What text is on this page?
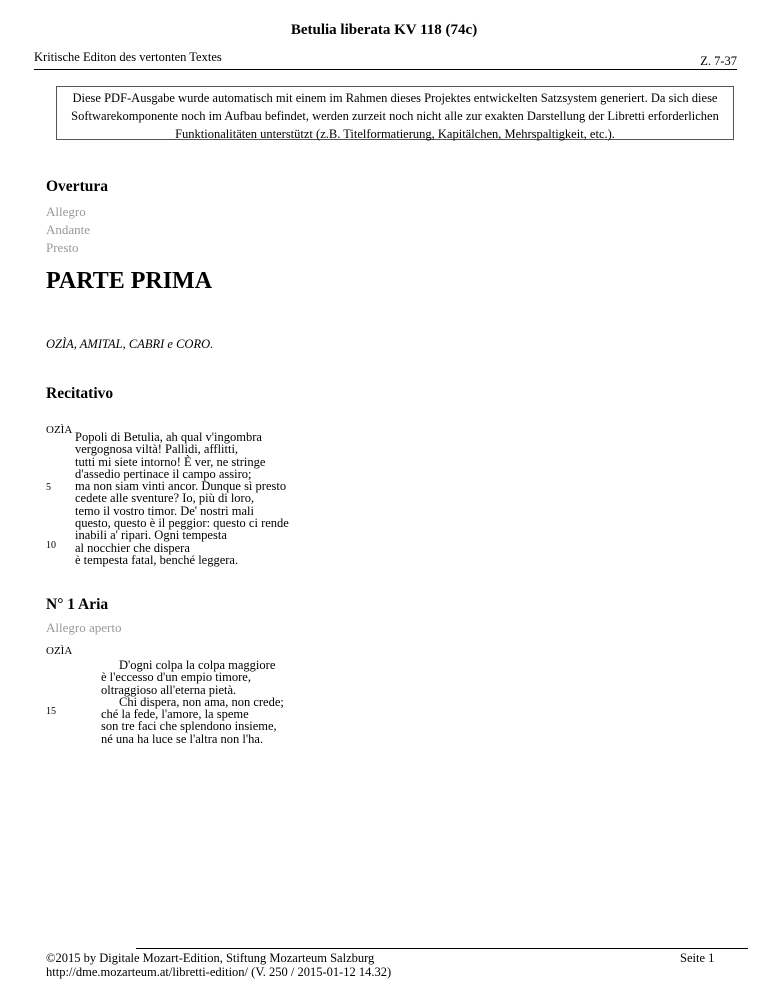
Betulia liberata KV 118 (74c)
Kritische Editon des vertonten Textes	Z. 7-37
Diese PDF-Ausgabe wurde automatisch mit einem im Rahmen dieses Projektes entwickelten Satzsystem generiert. Da sich diese Softwarekomponente noch im Aufbau befindet, werden zurzeit noch nicht alle zur exakten Darstellung der Libretti erforderlichen Funktionalitäten unterstützt (z.B. Titelformatierung, Kapitälchen, Mehrspaltigkeit, etc.).
Overtura
Allegro
Andante
Presto
PARTE PRIMA
OZÌA, AMITAL, CABRI e CORO.
Recitativo
OZÌA Popoli di Betulia, ah qual v'ingombra
vergognosa viltà! Pallidi, afflitti,
tutti mi siete intorno! È ver, ne stringe
d'assedio pertinace il campo assiro;
ma non siam vinti ancor. Dunque sì presto
cedete alle sventure? Io, più di loro,
temo il vostro timor. De' nostri mali
questo, questo è il peggior: questo ci rende
inabili a' ripari. Ogni tempesta
al nocchier che dispera
è tempesta fatal, benché leggera.
5
10
N° 1 Aria
Allegro aperto
OZÌA
D'ogni colpa la colpa maggiore
è l'eccesso d'un empio timore,
oltraggioso all'eterna pietà.
Chi dispera, non ama, non crede;
ché la fede, l'amore, la speme
son tre faci che splendono insieme,
né una ha luce se l'altra non l'ha.
15
©2015 by Digitale Mozart-Edition, Stiftung Mozarteum Salzburg
http://dme.mozarteum.at/libretti-edition/ (V. 250 / 2015-01-12 14.32)
Seite 1
